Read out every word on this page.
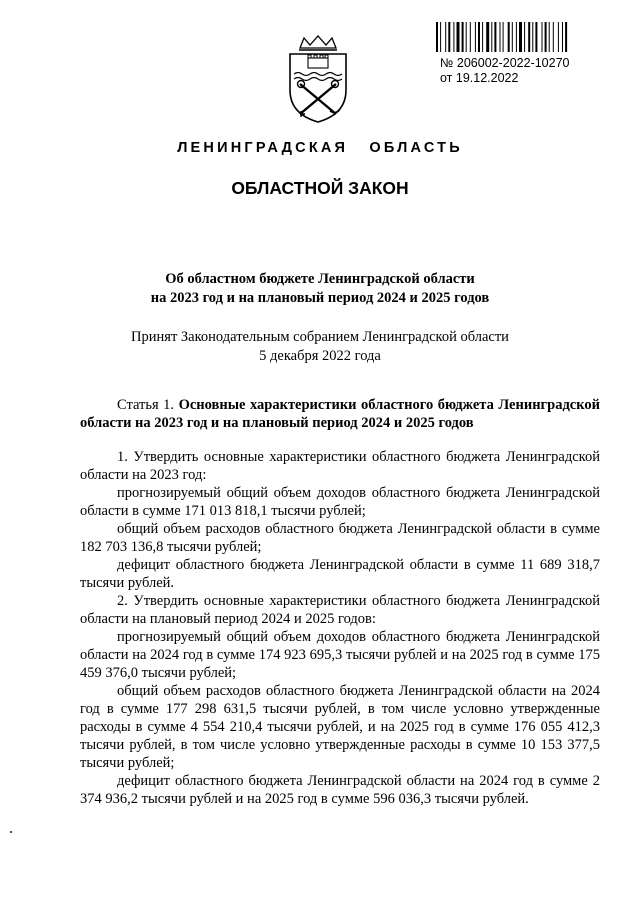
№ 206002-2022-10270
от 19.12.2022
ЛЕНИНГРАДСКАЯ ОБЛАСТЬ
ОБЛАСТНОЙ ЗАКОН
Об областном бюджете Ленинградской области
на 2023 год и на плановый период 2024 и 2025 годов
Принят Законодательным собранием Ленинградской области
5 декабря 2022 года

Статья 1. Основные характеристики областного бюджета Ленинградской области на 2023 год и на плановый период 2024 и 2025 годов

1. Утвердить основные характеристики областного бюджета Ленинградской области на 2023 год:

прогнозируемый общий объем доходов областного бюджета Ленинградской области в сумме 171 013 818,1 тысячи рублей;

общий объем расходов областного бюджета Ленинградской области в сумме 182 703 136,8 тысячи рублей;

дефицит областного бюджета Ленинградской области в сумме 11 689 318,7 тысячи рублей.

2. Утвердить основные характеристики областного бюджета Ленинградской области на плановый период 2024 и 2025 годов:

прогнозируемый общий объем доходов областного бюджета Ленинградской области на 2024 год в сумме 174 923 695,3 тысячи рублей и на 2025 год в сумме 175 459 376,0 тысячи рублей;

общий объем расходов областного бюджета Ленинградской области на 2024 год в сумме 177 298 631,5 тысячи рублей, в том числе условно утвержденные расходы в сумме 4 554 210,4 тысячи рублей, и на 2025 год в сумме 176 055 412,3 тысячи рублей, в том числе условно утвержденные расходы в сумме 10 153 377,5 тысячи рублей;

дефицит областного бюджета Ленинградской области на 2024 год в сумме 2 374 936,2 тысячи рублей и на 2025 год в сумме 596 036,3 тысячи рублей.
